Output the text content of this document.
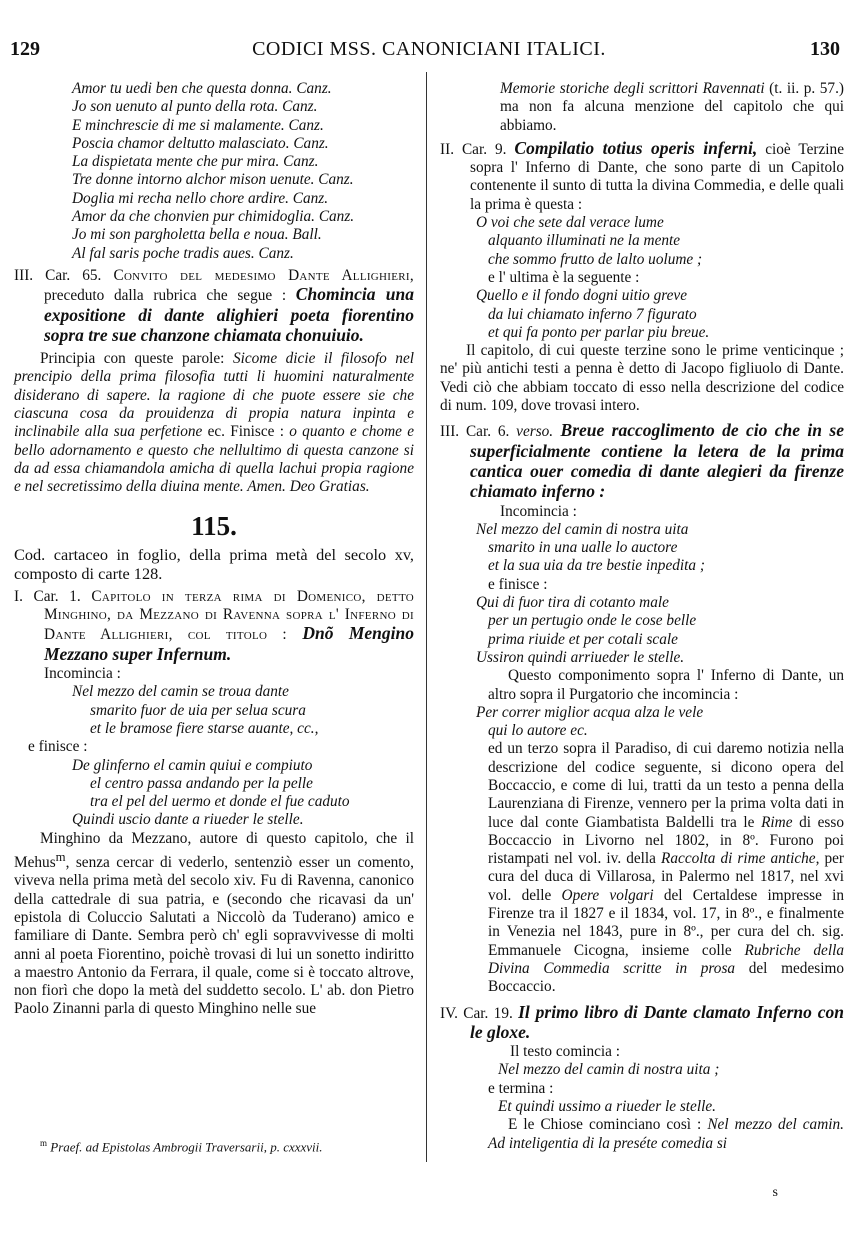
129	CODICI MSS. CANONICIANI ITALICI.	130
Amor tu uedi ben che questa donna. Canz.
Jo son uenuto al punto della rota. Canz.
E minchrescie di me si malamente. Canz.
Poscia chamor deltutto malasciato. Canz.
La dispietata mente che pur mira. Canz.
Tre donne intorno alchor mison uenute. Canz.
Doglia mi recha nello chore ardire. Canz.
Amor da che chonvien pur chimidoglia. Canz.
Jo mi son pargholetta bella e noua. Ball.
Al fal saris poche tradis aues. Canz.
III. Car. 65. Convito del medesimo Dante Allighieri, preceduto dalla rubrica che segue : Chomincia una expositione di dante alighieri poeta fiorentino sopra tre sue chanzone chiamata chonuiuio.

Principia con queste parole: Sicome dicie il filosofo nel prencipio della prima filosofia tutti li huomini naturalmente disiderano di sapere. la ragione di che puote essere sie che ciascuna cosa da prouidenza di propia natura inpinta e inclinabile alla sua perfetione ec. Finisce : o quanto e chome e bello adornamento e questo che nellultimo di questa canzone si da ad essa chiamandola amicha di quella lachui propia ragione e nel secretissimo della diuina mente. Amen. Deo Gratias.

115.

Cod. cartaceo in foglio, della prima metà del secolo xv, composto di carte 128.

I. Car. 1. Capitolo in terza rima di Domenico, detto Minghino, da Mezzano di Ravenna sopra l' Inferno di Dante Allighieri, col titolo : Dnõ Mengino Mezzano super Infernum.
Incomincia :
Nel mezzo del camin se troua dante
smarito fuor de uia per selua scura
et le bramose fiere starse auante, cc.,
e finisce :
De glinferno el camin quiui e compiuto
el centro passa andando per la pelle
tra el pel del uermo et donde el fue caduto
Quindi uscio dante a riueder le stelle.

Minghino da Mezzano, autore di questo capitolo, che il Mehus$^m$, senza cercar di vederlo, sentenziò esser un comento, viveva nella prima metà del secolo xiv. Fu di Ravenna, canonico della cattedrale di sua patria, e (secondo che ricavasi da un' epistola di Coluccio Salutati a Niccolò da Tuderano) amico e familiare di Dante. Sembra però ch' egli sopravvivesse di molti anni al poeta Fiorentino, poichè trovasi di lui un sonetto indiritto a maestro Antonio da Ferrara, il quale, come si è toccato altrove, non fiorì che dopo la metà del suddetto secolo. L' ab. don Pietro Paolo Zinanni parla di questo Minghino nelle sue

Memorie storiche degli scrittori Ravennati (t. ii. p. 57.) ma non fa alcuna menzione del capitolo che qui abbiamo.

II. Car. 9. Compilatio totius operis inferni, cioè Terzine sopra l' Inferno di Dante, che sono parte di un Capitolo contenente il sunto di tutta la divina Commedia, e delle quali la prima è questa :
O voi che sete dal verace lume
alquanto illuminati ne la mente
che sommo frutto de lalto uolume ;
e l' ultima è la seguente :
Quello e il fondo dogni uitio greve
da lui chiamato inferno 7 figurato
et qui fa ponto per parlar piu breue.

Il capitolo, di cui queste terzine sono le prime venticinque ; ne' più antichi testi a penna è detto di Jacopo figliuolo di Dante. Vedi ciò che abbiam toccato di esso nella descrizione del codice di num. 109, dove trovasi intero.

III. Car. 6. verso. Breue raccoglimento de cio che in se superficialmente contiene la letera de la prima cantica ouer comedia di dante alegieri da firenze chiamato inferno :
Incomincia :
Nel mezzo del camin di nostra uita
smarito in una ualle lo auctore
et la sua uia da tre bestie inpedita ;
e finisce :
Qui di fuor tira di cotanto male
per un pertugio onde le cose belle
prima riuide et per cotali scale
Ussiron quindi arriueder le stelle.

Questo componimento sopra l' Inferno di Dante, un altro sopra il Purgatorio che incomincia :

Per correr miglior acqua alza le vele
qui lo autore ec.

ed un terzo sopra il Paradiso, di cui daremo notizia nella descrizione del codice seguente, si dicono opera del Boccaccio, e come di lui, tratti da un testo a penna della Laurenziana di Firenze, vennero per la prima volta dati in luce dal conte Giambatista Baldelli tra le Rime di esso Boccaccio in Livorno nel 1802, in 8º. Furono poi ristampati nel vol. iv. della Raccolta di rime antiche, per cura del duca di Villarosa, in Palermo nel 1817, nel xvi vol. delle Opere volgari del Certaldese impresse in Firenze tra il 1827 e il 1834, vol. 17, in 8º., e finalmente in Venezia nel 1843, pure in 8º., per cura del ch. sig. Emmanuele Cicogna, insieme colle Rubriche della Divina Commedia scritte in prosa del medesimo Boccaccio.

IV. Car. 19. Il primo libro di Dante clamato Inferno con le gloxe.
Il testo comincia :
Nel mezzo del camin di nostra uita ;
e termina :
Et quindi ussimo a riueder le stelle.

E le Chiose cominciano così : Nel mezzo del camin. Ad inteligentia di la preséte comedia si

$^m$ Praef. ad Epistolas Ambrogii Traversarii, p. cxxxvii.
s
